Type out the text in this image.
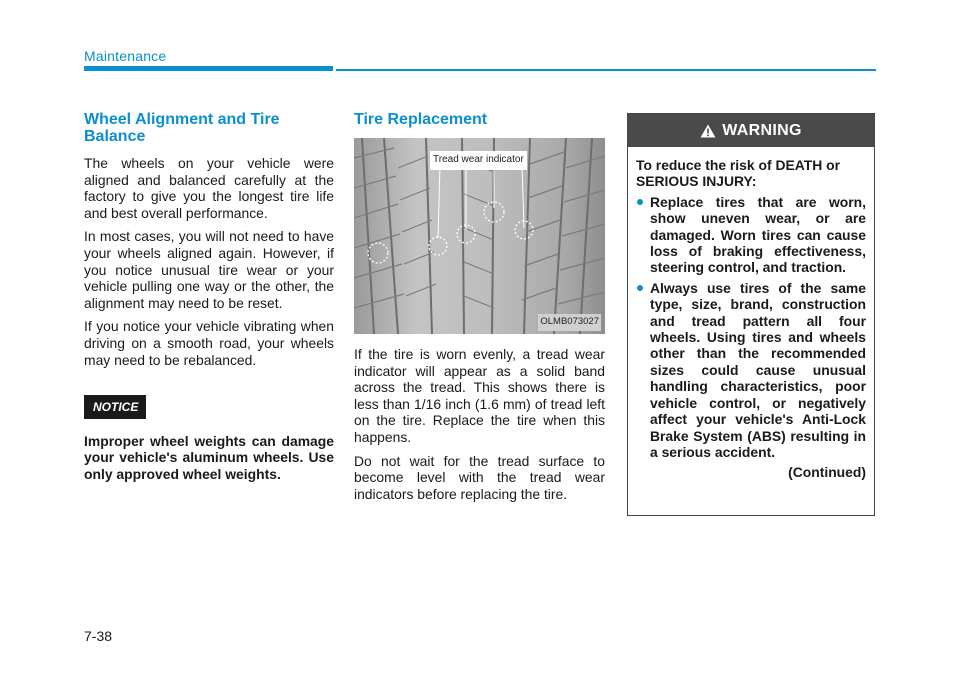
Maintenance
Wheel Alignment and Tire Balance

The wheels on your vehicle were aligned and balanced carefully at the factory to give you the longest tire life and best overall performance.

In most cases, you will not need to have your wheels aligned again. However, if you notice unusual tire wear or your vehicle pulling one way or the other, the alignment may need to be reset.

If you notice your vehicle vibrating when driving on a smooth road, your wheels may need to be rebalanced.

NOTICE

Improper wheel weights can damage your vehicle's aluminum wheels. Use only approved wheel weights.

Tire Replacement
Tread wear indicator
OLMB073027

If the tire is worn evenly, a tread wear indicator will appear as a solid band across the tread. This shows there is less than 1/16 inch (1.6 mm) of tread left on the tire. Replace the tire when this happens.

Do not wait for the tread surface to become level with the tread wear indicators before replacing the tire.

WARNING

To reduce the risk of DEATH or SERIOUS INJURY:

Replace tires that are worn, show uneven wear, or are damaged. Worn tires can cause loss of braking effectiveness, steering control, and traction.
Always use tires of the same type, size, brand, construction and tread pattern all four wheels. Using tires and wheels other than the recommended sizes could cause unusual handling characteristics, poor vehicle control, or negatively affect your vehicle's Anti-Lock Brake System (ABS) resulting in a serious accident.
(Continued)
7-38
